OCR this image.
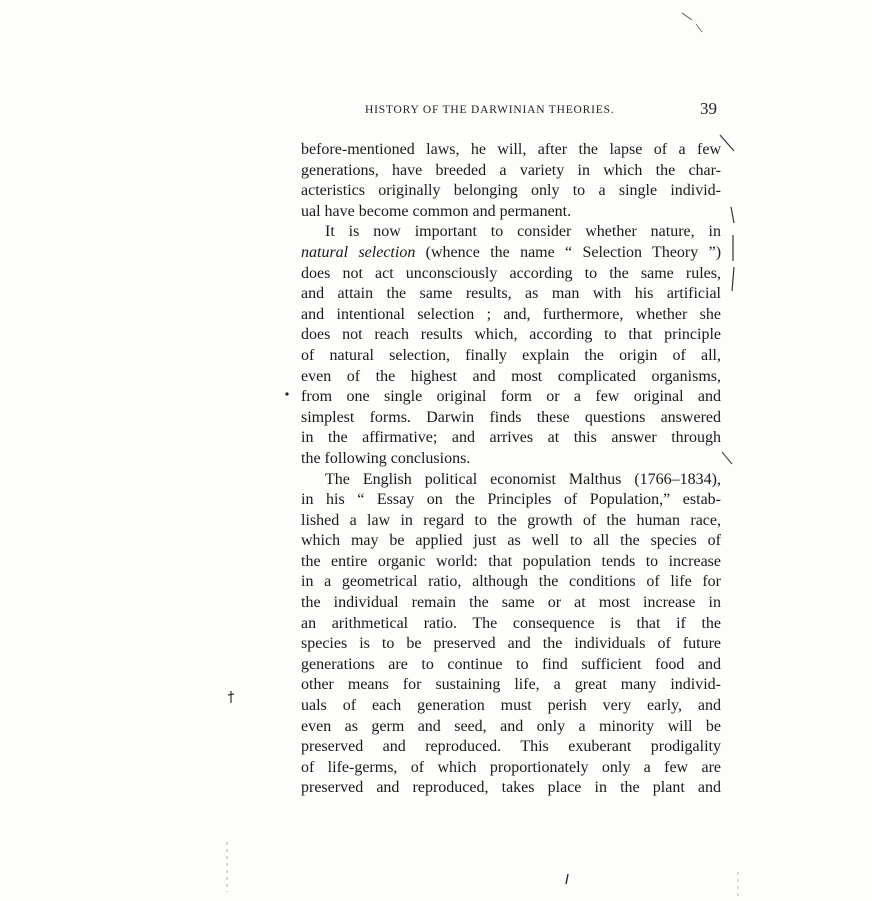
HISTORY OF THE DARWINIAN THEORIES.	39
before-mentioned laws, he will, after the lapse of a few
generations, have breeded a variety in which the char-
acteristics originally belonging only to a single individ-
ual have become common and permanent.
It is now important to consider whether nature, in
natural selection (whence the name “ Selection Theory ”)
does not act unconsciously according to the same rules,
and attain the same results, as man with his artificial
and intentional selection ; and, furthermore, whether she
does not reach results which, according to that principle
of natural selection, finally explain the origin of all,
even of the highest and most complicated organisms,
from one single original form or a few original and
simplest forms. Darwin finds these questions answered
in the affirmative; and arrives at this answer through
the following conclusions.
The English political economist Malthus (1766–1834),
in his “ Essay on the Principles of Population,” estab-
lished a law in regard to the growth of the human race,
which may be applied just as well to all the species of
the entire organic world: that population tends to increase
in a geometrical ratio, although the conditions of life for
the individual remain the same or at most increase in
an arithmetical ratio. The consequence is that if the
species is to be preserved and the individuals of future
generations are to continue to find sufficient food and
other means for sustaining life, a great many individ-
uals of each generation must perish very early, and
even as germ and seed, and only a minority will be
preserved and reproduced. This exuberant prodigality
of life-germs, of which proportionately only a few are
preserved and reproduced, takes place in the plant and
